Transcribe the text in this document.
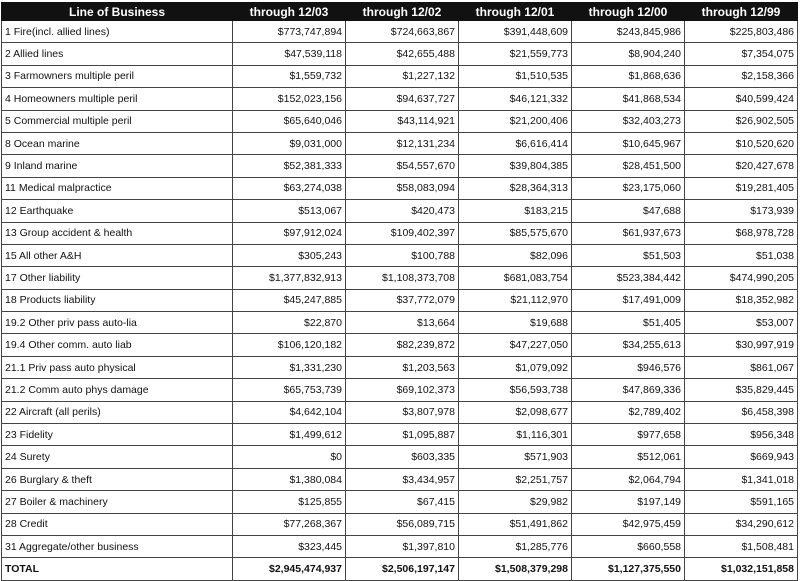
Line of Business	through 12/03	through 12/02	through 12/01	through 12/00	through 12/99
1 Fire(incl. allied lines)	$773,747,894	$724,663,867	$391,448,609	$243,845,986	$225,803,486
2 Allied lines	$47,539,118	$42,655,488	$21,559,773	$8,904,240	$7,354,075
3 Farmowners multiple peril	$1,559,732	$1,227,132	$1,510,535	$1,868,636	$2,158,366
4 Homeowners multiple peril	$152,023,156	$94,637,727	$46,121,332	$41,868,534	$40,599,424
5 Commercial multiple peril	$65,640,046	$43,114,921	$21,200,406	$32,403,273	$26,902,505
8 Ocean marine	$9,031,000	$12,131,234	$6,616,414	$10,645,967	$10,520,620
9 Inland marine	$52,381,333	$54,557,670	$39,804,385	$28,451,500	$20,427,678
11 Medical malpractice	$63,274,038	$58,083,094	$28,364,313	$23,175,060	$19,281,405
12 Earthquake	$513,067	$420,473	$183,215	$47,688	$173,939
13 Group accident & health	$97,912,024	$109,402,397	$85,575,670	$61,937,673	$68,978,728
15 All other A&H	$305,243	$100,788	$82,096	$51,503	$51,038
17 Other liability	$1,377,832,913	$1,108,373,708	$681,083,754	$523,384,442	$474,990,205
18 Products liability	$45,247,885	$37,772,079	$21,112,970	$17,491,009	$18,352,982
19.2 Other priv pass auto-lia	$22,870	$13,664	$19,688	$51,405	$53,007
19.4 Other comm. auto liab	$106,120,182	$82,239,872	$47,227,050	$34,255,613	$30,997,919
21.1 Priv pass auto physical	$1,331,230	$1,203,563	$1,079,092	$946,576	$861,067
21.2 Comm auto phys damage	$65,753,739	$69,102,373	$56,593,738	$47,869,336	$35,829,445
22 Aircraft (all perils)	$4,642,104	$3,807,978	$2,098,677	$2,789,402	$6,458,398
23 Fidelity	$1,499,612	$1,095,887	$1,116,301	$977,658	$956,348
24 Surety	$0	$603,335	$571,903	$512,061	$669,943
26 Burglary & theft	$1,380,084	$3,434,957	$2,251,757	$2,064,794	$1,341,018
27 Boiler & machinery	$125,855	$67,415	$29,982	$197,149	$591,165
28 Credit	$77,268,367	$56,089,715	$51,491,862	$42,975,459	$34,290,612
31 Aggregate/other business	$323,445	$1,397,810	$1,285,776	$660,558	$1,508,481
TOTAL	$2,945,474,937	$2,506,197,147	$1,508,379,298	$1,127,375,550	$1,032,151,858
